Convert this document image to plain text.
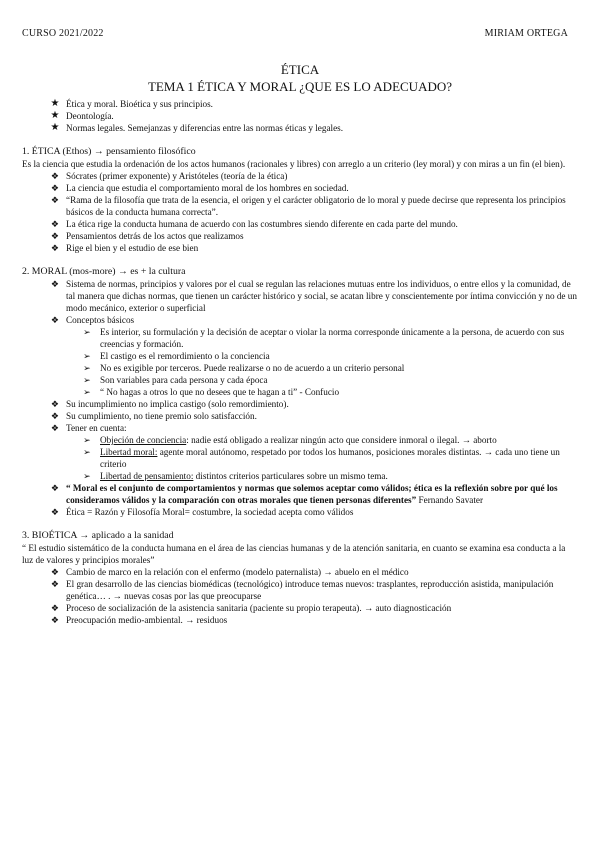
CURSO 2021/2022	MIRIAM ORTEGA
ÉTICA
TEMA 1 ÉTICA Y MORAL ¿QUE ES LO ADECUADO?
★ Ética y moral. Bioética y sus principios.
★ Deontología.
★ Normas legales. Semejanzas y diferencias entre las normas éticas y legales.
1. ÉTICA (Ethos) → pensamiento filosófico

Es la ciencia que estudia la ordenación de los actos humanos (racionales y libres) con arreglo a un criterio (ley moral) y con miras a un fin (el bien).

❖ Sócrates (primer exponente) y Aristóteles (teoría de la ética)
❖ La ciencia que estudia el comportamiento moral de los hombres en sociedad.
❖ “Rama de la filosofía que trata de la esencia, el origen y el carácter obligatorio de lo moral y puede decirse que representa los principios básicos de la conducta humana correcta”.
❖ La ética rige la conducta humana de acuerdo con las costumbres siendo diferente en cada parte del mundo.
❖ Pensamientos detrás de los actos que realizamos
❖ Rige el bien y el estudio de ese bien
2. MORAL (mos-more) → es + la cultura
❖ Sistema de normas, principios y valores por el cual se regulan las relaciones mutuas entre los individuos, o entre ellos y la comunidad, de tal manera que dichas normas, que tienen un carácter histórico y social, se acatan libre y conscientemente por íntima convicción y no de un modo mecánico, exterior o superficial
❖ Conceptos básicos
➢ Es interior, su formulación y la decisión de aceptar o violar la norma corresponde únicamente a la persona, de acuerdo con sus creencias y formación.
➢ El castigo es el remordimiento o la conciencia
➢ No es exigible por terceros. Puede realizarse o no de acuerdo a un criterio personal
➢ Son variables para cada persona y cada época
➢ “ No hagas a otros lo que no desees que te hagan a ti” - Confucio
❖ Su incumplimiento no implica castigo (solo remordimiento).
❖ Su cumplimiento, no tiene premio solo satisfacción.
❖ Tener en cuenta:
➢ Objeción de conciencia: nadie está obligado a realizar ningún acto que considere inmoral o ilegal. → aborto
➢ Libertad moral: agente moral autónomo, respetado por todos los humanos, posiciones morales distintas. → cada uno tiene un criterio
➢ Libertad de pensamiento: distintos criterios particulares sobre un mismo tema.
❖ “ Moral es el conjunto de comportamientos y normas que solemos aceptar como válidos; ética es la reflexión sobre por qué los consideramos válidos y la comparación con otras morales que tienen personas diferentes” Fernando Savater
❖ Ética = Razón y Filosofía Moral= costumbre, la sociedad acepta como válidos
3. BIOÉTICA → aplicado a la sanidad

“ El estudio sistemático de la conducta humana en el área de las ciencias humanas y de la atención sanitaria, en cuanto se examina esa conducta a la luz de valores y principios morales”

❖ Cambio de marco en la relación con el enfermo (modelo paternalista) → abuelo en el médico
❖ El gran desarrollo de las ciencias biomédicas (tecnológico) introduce temas nuevos: trasplantes, reproducción asistida, manipulación genética… . → nuevas cosas por las que preocuparse
❖ Proceso de socialización de la asistencia sanitaria (paciente su propio terapeuta). → auto diagnosticación
❖ Preocupación medio-ambiental. → residuos
